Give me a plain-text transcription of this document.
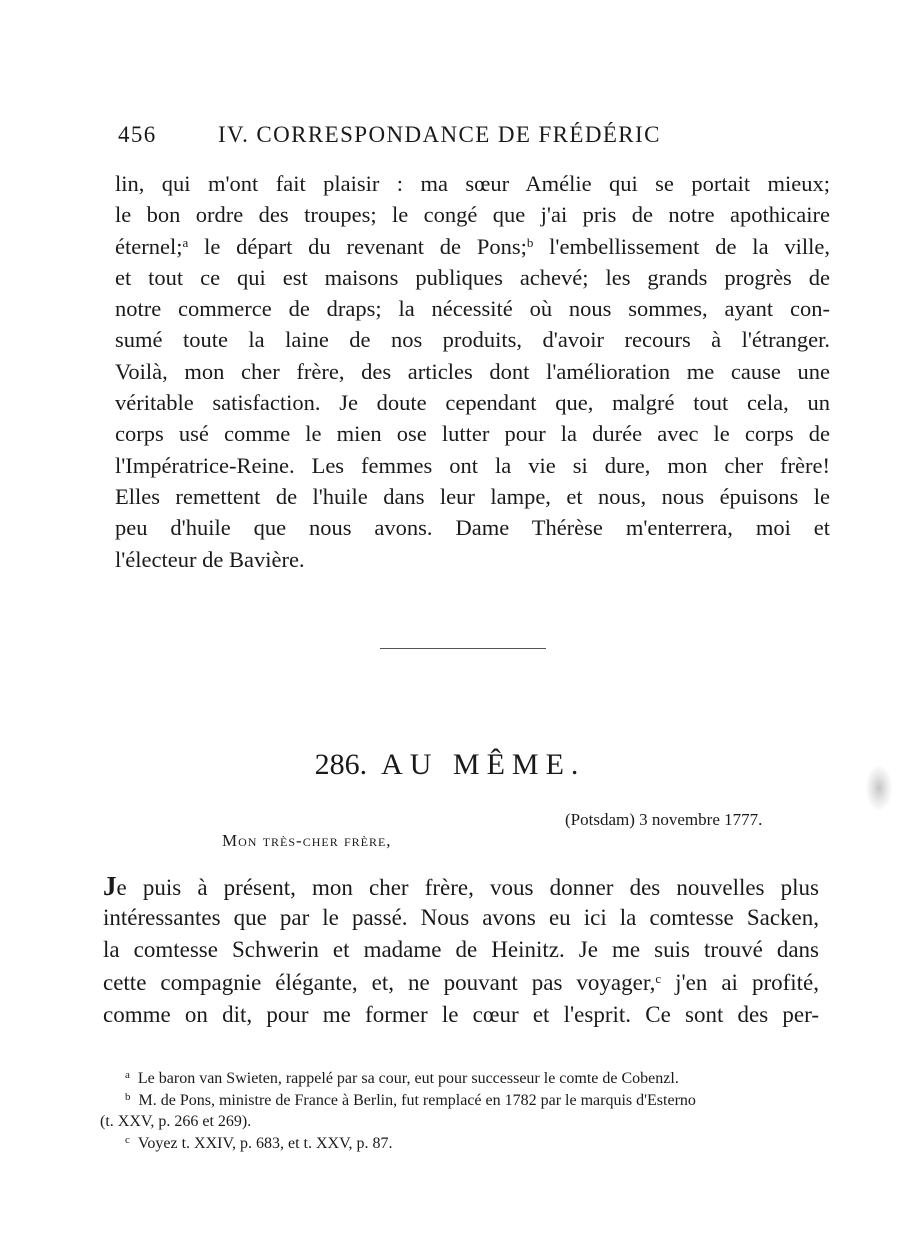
456	IV. CORRESPONDANCE DE FRÉDÉRIC
lin, qui m'ont fait plaisir : ma sœur Amélie qui se portait mieux;
le bon ordre des troupes; le congé que j'ai pris de notre apothicaire
éternel;$^a$ le départ du revenant de Pons;$^b$ l'embellissement de la ville,
et tout ce qui est maisons publiques achevé; les grands progrès de
notre commerce de draps; la nécessité où nous sommes, ayant con-
sumé toute la laine de nos produits, d'avoir recours à l'étranger.
Voilà, mon cher frère, des articles dont l'amélioration me cause une
véritable satisfaction. Je doute cependant que, malgré tout cela, un
corps usé comme le mien ose lutter pour la durée avec le corps de
l'Impératrice-Reine. Les femmes ont la vie si dure, mon cher frère!
Elles remettent de l'huile dans leur lampe, et nous, nous épuisons le
peu d'huile que nous avons. Dame Thérèse m'enterrera, moi et
l'électeur de Bavière.
286. AU MÊME.
(Potsdam) 3 novembre 1777.
Mon très-cher frère,
Je puis à présent, mon cher frère, vous donner des nouvelles plus
intéressantes que par le passé. Nous avons eu ici la comtesse Sacken,
la comtesse Schwerin et madame de Heinitz. Je me suis trouvé dans
cette compagnie élégante, et, ne pouvant pas voyager,$^c$ j'en ai profité,
comme on dit, pour me former le cœur et l'esprit. Ce sont des per-
$^a$ Le baron van Swieten, rappelé par sa cour, eut pour successeur le comte de Cobenzl.
$^b$ M. de Pons, ministre de France à Berlin, fut remplacé en 1782 par le marquis d'Esterno
(t. XXV, p. 266 et 269).
$^c$ Voyez t. XXIV, p. 683, et t. XXV, p. 87.
